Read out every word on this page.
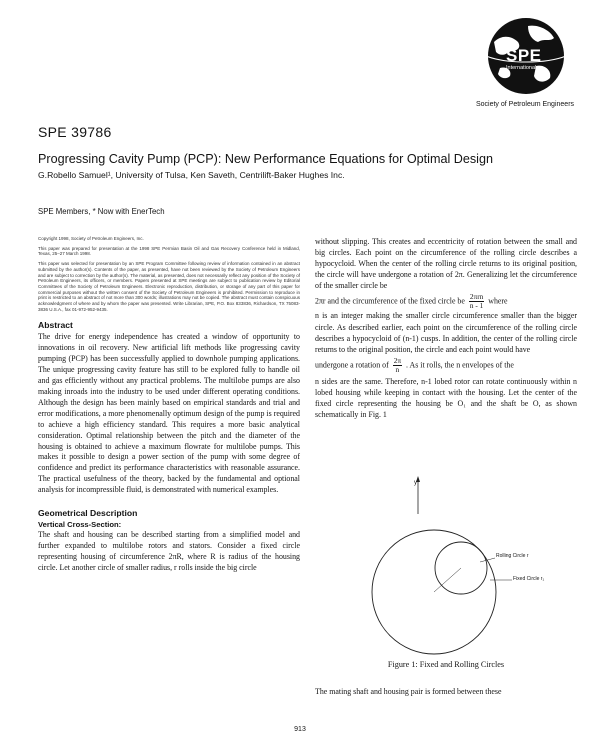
SPE
International
Society of Petroleum Engineers
SPE 39786
Progressing Cavity Pump (PCP): New Performance Equations for Optimal Design
G.Robello Samuel¹, University of Tulsa, Ken Saveth, Centrilift-Baker Hughes Inc.
SPE Members, * Now with EnerTech

Copyright 1998, Society of Petroleum Engineers, Inc.

This paper was prepared for presentation at the 1998 SPE Permian Basin Oil and Gas Recovery Conference held in Midland, Texas, 25–27 March 1998.

This paper was selected for presentation by an SPE Program Committee following review of information contained in an abstract submitted by the author(s). Contents of the paper, as presented, have not been reviewed by the Society of Petroleum Engineers and are subject to correction by the author(s). The material, as presented, does not necessarily reflect any position of the Society of Petroleum Engineers, its officers, or members. Papers presented at SPE meetings are subject to publication review by Editorial Committees of the Society of Petroleum Engineers. Electronic reproduction, distribution, or storage of any part of this paper for commercial purposes without the written consent of the Society of Petroleum Engineers is prohibited. Permission to reproduce in print is restricted to an abstract of not more than 300 words; illustrations may not be copied. The abstract must contain conspicuous acknowledgment of where and by whom the paper was presented. Write Librarian, SPE, P.O. Box 833836, Richardson, TX 75083-3836 U.S.A., fax 01-972-952-9435.

Abstract

The drive for energy independence has created a window of opportunity to innovations in oil recovery. New artificial lift methods like progressing cavity pumping (PCP) has been successfully applied to downhole pumping applications. The unique progressing cavity feature has still to be explored fully to handle oil and gas efficiently without any practical problems. The multilobe pumps are also making inroads into the industry to be used under different operating conditions. Although the design has been mainly based on empirical standards and trial and error modifications, a more phenomenally optimum design of the pump is required to achieve a high efficiency standard. This requires a more basic analytical consideration. Optimal relationship between the pitch and the diameter of the housing is obtained to achieve a maximum flowrate for multilobe pumps. This makes it possible to design a power section of the pump with some degree of confidence and predict its performance characteristics with reasonable assurance. The practical usefulness of the theory, backed by the fundamental and optional analysis for incompressible fluid, is demonstrated with numerical examples.

Geometrical Description
Vertical Cross-Section:

The shaft and housing can be described starting from a simplified model and further expanded to multilobe rotors and stators. Consider a fixed circle representing housing of circumference 2πR, where R is radius of the housing circle. Let another circle of smaller radius, r rolls inside the big circle

without slipping. This creates and eccentricity of rotation between the small and big circles. Each point on the circumference of the rolling circle describes a hypocycloid. When the center of the rolling circle returns to its original position, the circle will have undergone a rotation of 2π. Generalizing let the circumference of the smaller circle be

2πr and the circumference of the fixed circle be $\frac{\text{2πrn}}{n - 1}$ where

n is an integer making the smaller circle circumference smaller than the bigger circle. As described earlier, each point on the circumference of the rolling circle describes a hypocycloid of (n-1) cusps. In addition, the center of the rolling circle returns to the original position, the circle and each point would have

undergone a rotation of $\frac{2\pi}{n}$ . As it rolls, the n envelopes of the

n sides are the same. Therefore, n-1 lobed rotor can rotate continuously within n lobed housing while keeping in contact with the housing. Let the center of the fixed circle representing the housing be O₁ and the shaft be O, as shown schematically in Fig. 1

y
Rolling Circle r
Fixed Circle r₁
Figure 1: Fixed and Rolling Circles
The mating shaft and housing pair is formed between these
913
